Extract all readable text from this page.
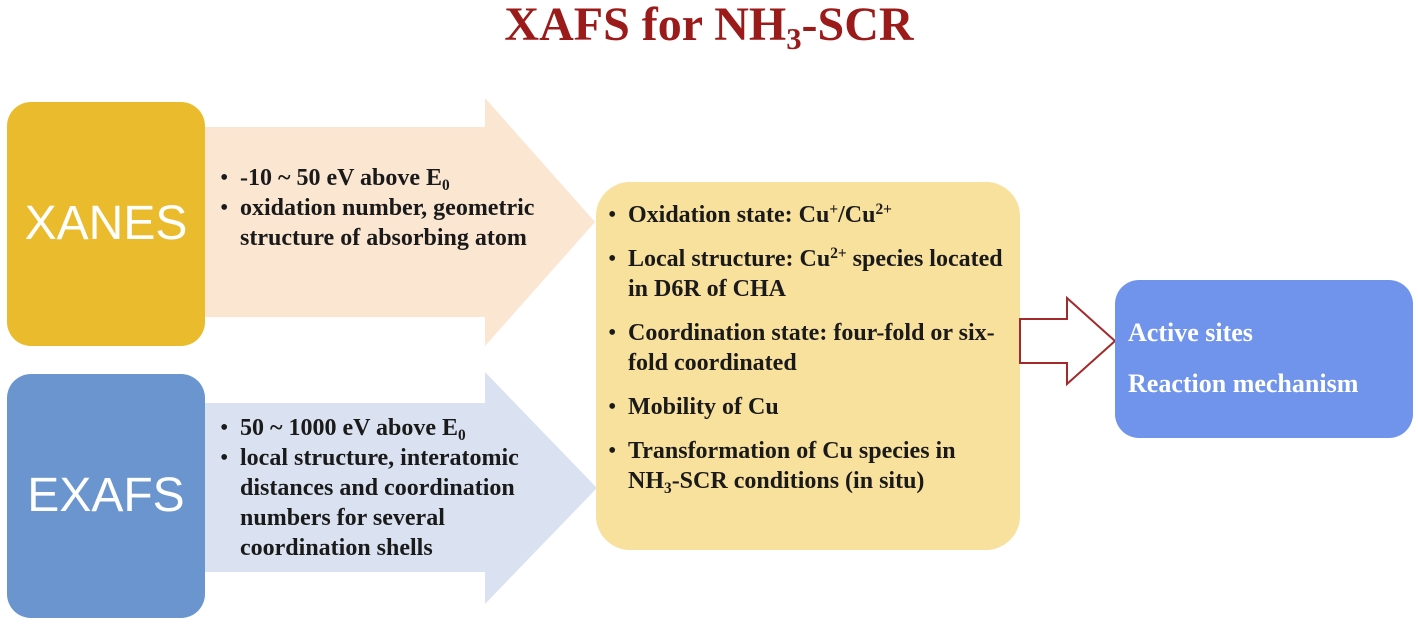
XAFS for $NH_3$-SCR
XANES
EXAFS
• -10 ~ 50 eV above $E_0$
• oxidation number, geometric structure of absorbing atom
• 50 ~ 1000 eV above $E_0$
• local structure, interatomic distances and coordination numbers for several coordination shells
• Oxidation state: $Cu^+/Cu^{2+}$
• Local structure: $Cu^{2+}$ species located in D6R of CHA
• Coordination state: four-fold or six-fold coordinated
• Mobility of Cu
• Transformation of Cu species in $NH_3$-SCR conditions (in situ)
Active sites
Reaction mechanism
